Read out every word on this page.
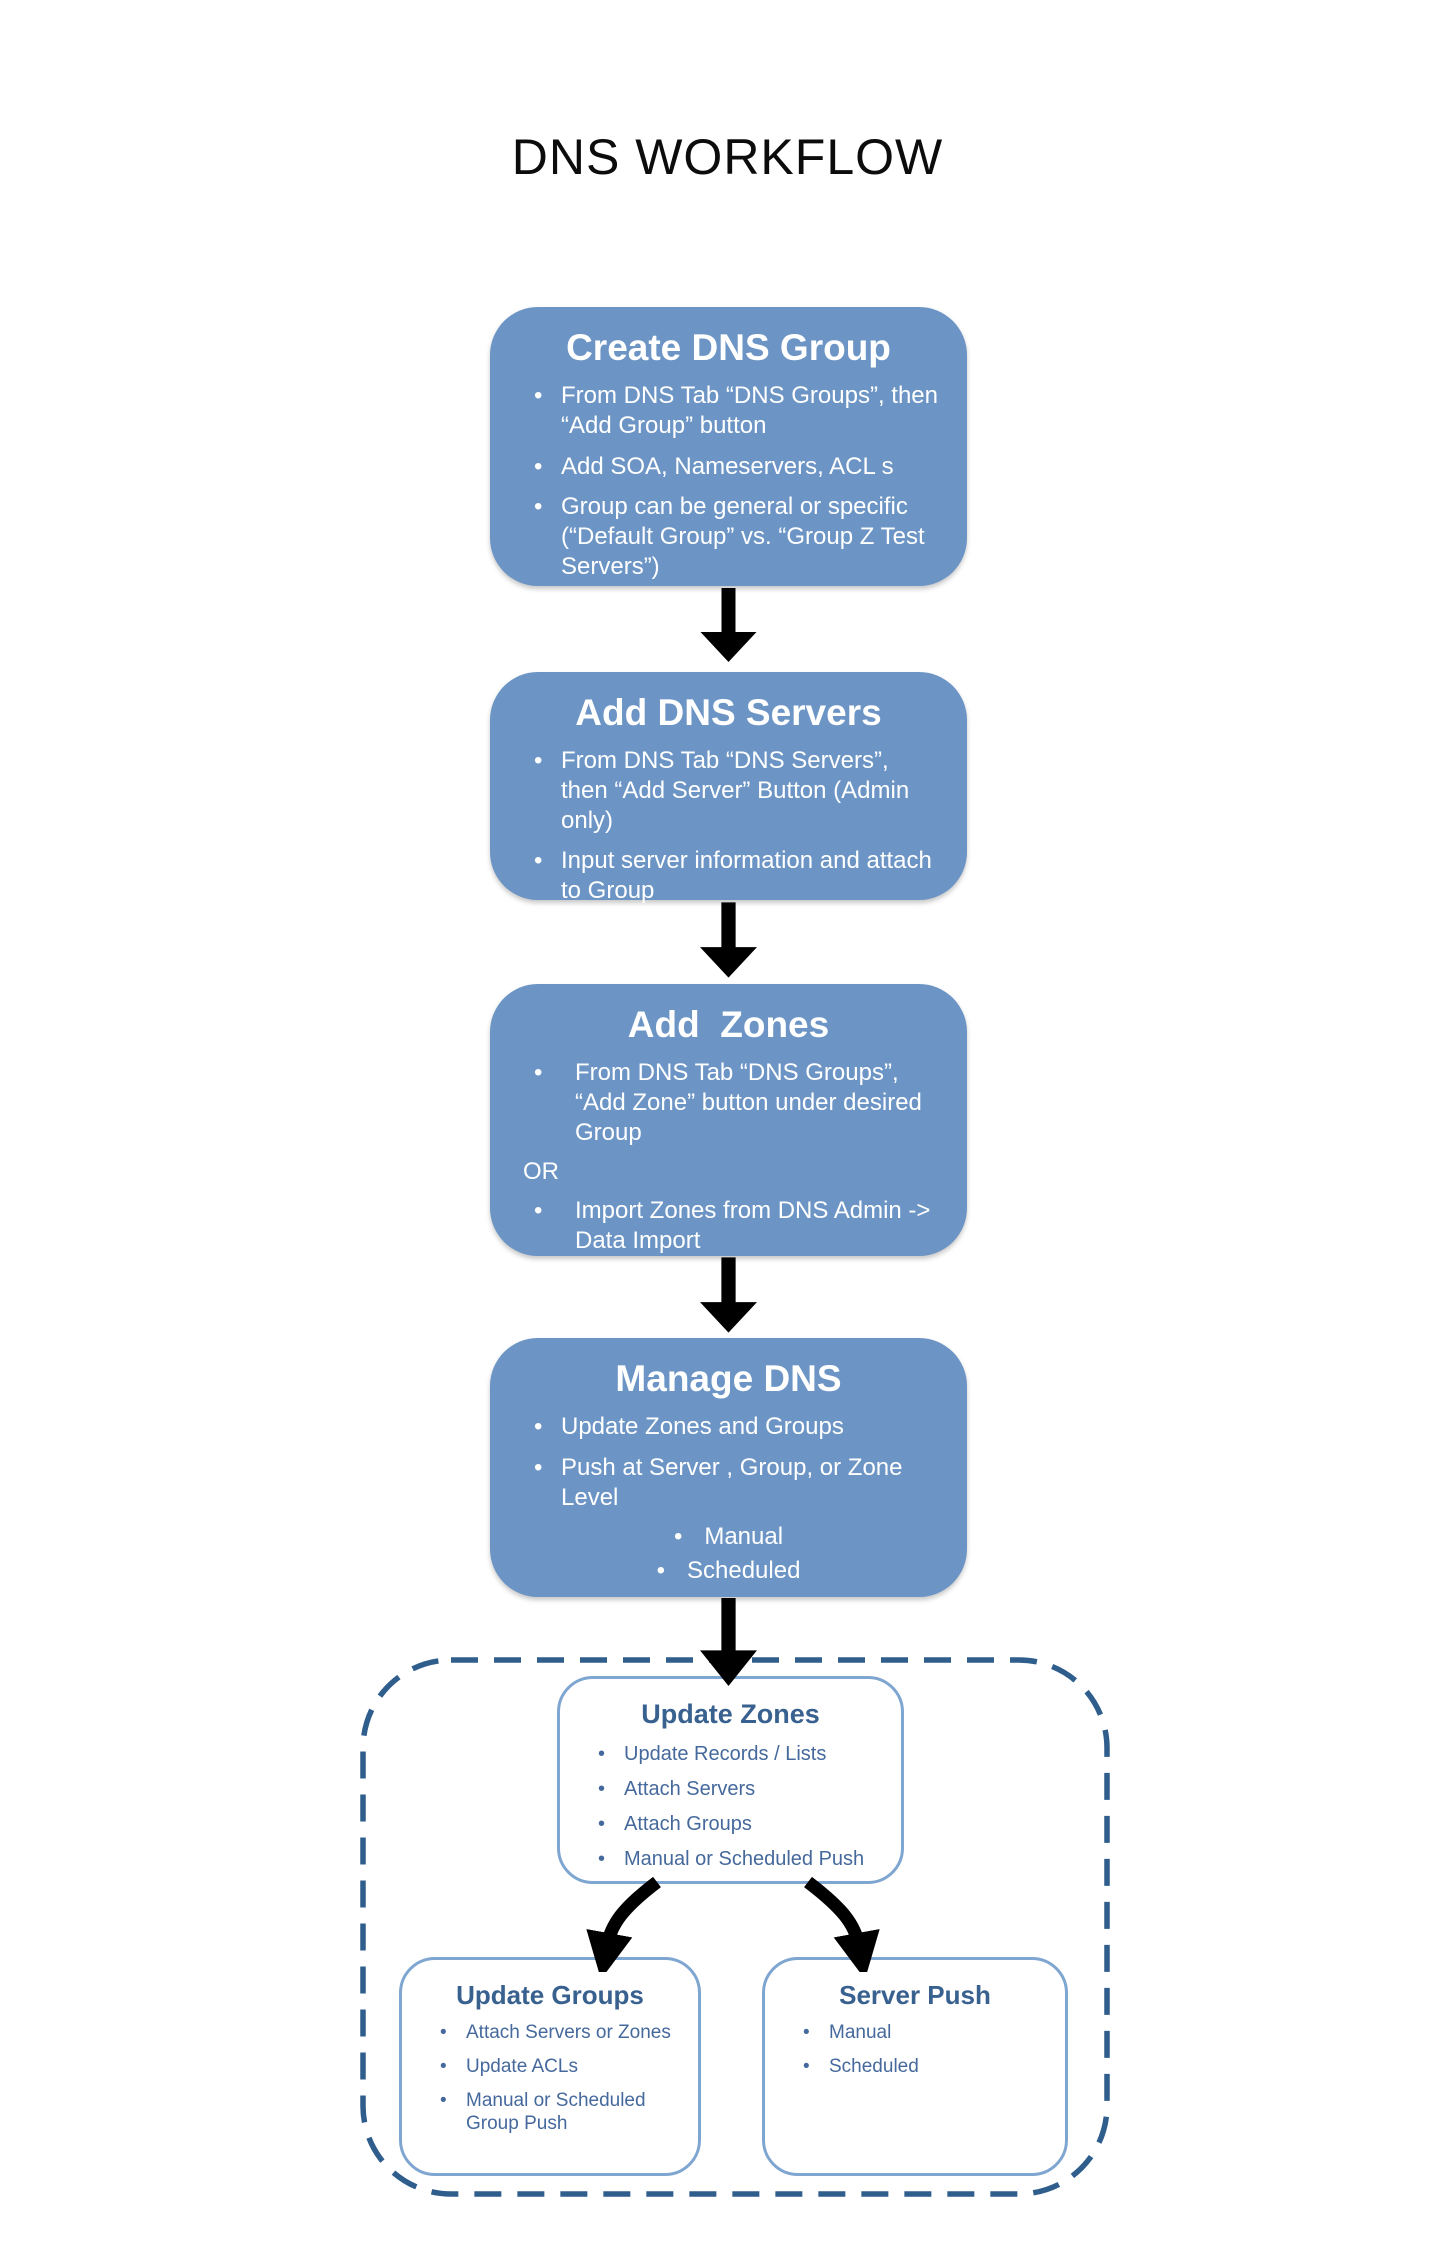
DNS WORKFLOW
Create DNS Group
• From DNS Tab “DNS Groups”, then “Add Group” button
• Add SOA, Nameservers, ACL s
• Group can be general or specific (“Default Group” vs. “Group Z Test Servers”)
Add DNS Servers
• From DNS Tab “DNS Servers”, then “Add Server” Button (Admin only)
• Input server information and attach to Group
Add  Zones
•	From DNS Tab “DNS Groups”, “Add Zone” button under desired Group
OR
•	Import Zones from DNS Admin -> Data Import
Manage DNS
• Update Zones and Groups
• Push at Server , Group, or Zone Level
• Manual
• Scheduled
Update Zones
• Update Records / Lists
• Attach Servers
• Attach Groups
• Manual or Scheduled Push
Update Groups
•	Attach Servers or Zones
•	Update ACLs
•	Manual or Scheduled Group Push
Server Push
•	Manual
•	Scheduled
